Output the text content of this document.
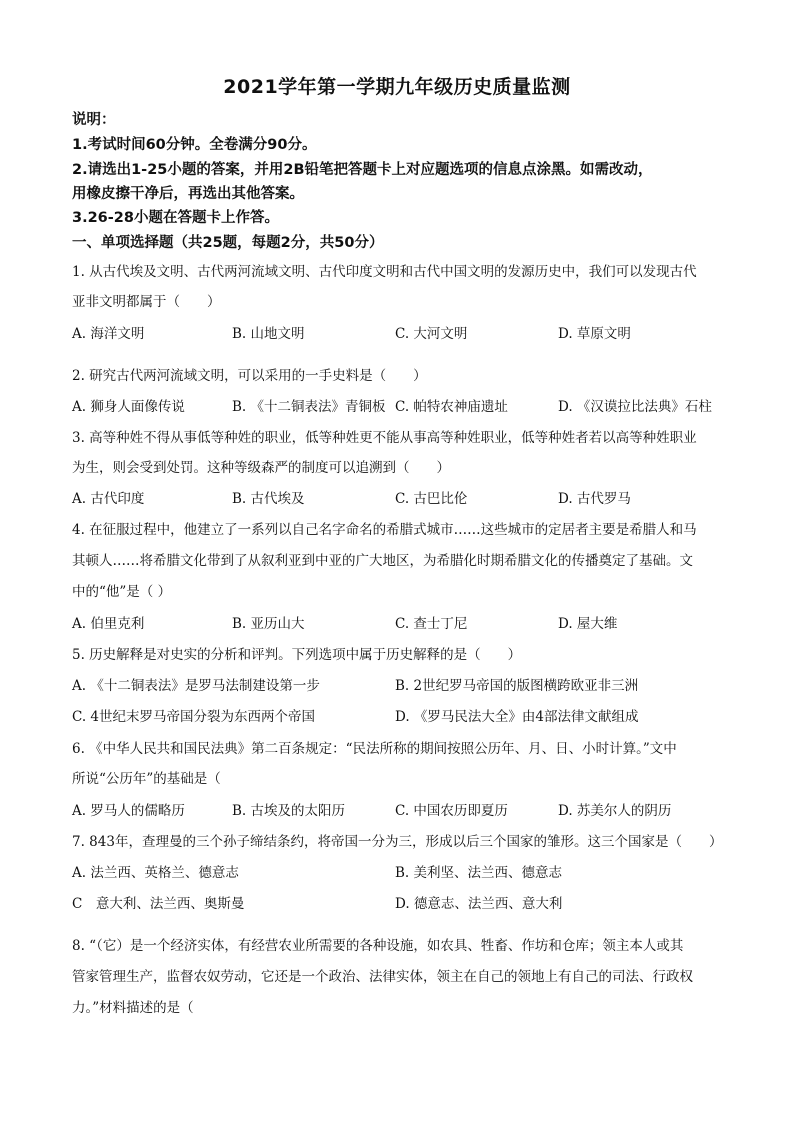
2021学年第一学期九年级历史质量监测
说明：
1.考试时间60分钟。全卷满分90分。
2.请选出1-25小题的答案，并用2B铅笔把答题卡上对应题选项的信息点涂黑。如需改动，
用橡皮擦干净后，再选出其他答案。
3.26-28小题在答题卡上作答。
一、单项选择题（共25题，每题2分，共50分）
1. 从古代埃及文明、古代两河流域文明、古代印度文明和古代中国文明的发源历史中，我们可以发现古代
亚非文明都属于（　　）
A. 海洋文明	B. 山地文明	C. 大河文明	D. 草原文明
2. 研究古代两河流域文明，可以采用的一手史料是（　　）
A. 狮身人面像传说	B. 《十二铜表法》青铜板 C. 帕特农神庙遗址	D. 《汉谟拉比法典》石柱
3. 高等种姓不得从事低等种姓的职业，低等种姓更不能从事高等种姓职业，低等种姓者若以高等种姓职业
为生，则会受到处罚。这种等级森严的制度可以追溯到（　　）
A. 古代印度	B. 古代埃及	C. 古巴比伦	D. 古代罗马
4. 在征服过程中，他建立了一系列以自己名字命名的希腊式城市……这些城市的定居者主要是希腊人和马
其顿人……将希腊文化带到了从叙利亚到中亚的广大地区，为希腊化时期希腊文化的传播奠定了基础。文
中的“他”是（ ）
A. 伯里克利	B. 亚历山大	C. 查士丁尼	D. 屋大维
5. 历史解释是对史实的分析和评判。下列选项中属于历史解释的是（　　）
A. 《十二铜表法》是罗马法制建设第一步	B. 2世纪罗马帝国的版图横跨欧亚非三洲
C. 4世纪末罗马帝国分裂为东西两个帝国	D. 《罗马民法大全》由4部法律文献组成
6. 《中华人民共和国民法典》第二百条规定：“民法所称的期间按照公历年、月、日、小时计算。”文中
所说“公历年”的基础是（
A. 罗马人的儒略历	B. 古埃及的太阳历	C. 中国农历即夏历	D. 苏美尔人的阴历
7. 843年，查理曼的三个孙子缔结条约，将帝国一分为三，形成以后三个国家的雏形。这三个国家是（　　）
A. 法兰西、英格兰、德意志	B. 美利坚、法兰西、德意志
C　意大利、法兰西、奥斯曼	D. 德意志、法兰西、意大利
8. “（它）是一个经济实体，有经营农业所需要的各种设施，如农具、牲畜、作坊和仓库；领主本人或其
管家管理生产，监督农奴劳动，它还是一个政治、法律实体，领主在自己的领地上有自己的司法、行政权
力。”材料描述的是（
